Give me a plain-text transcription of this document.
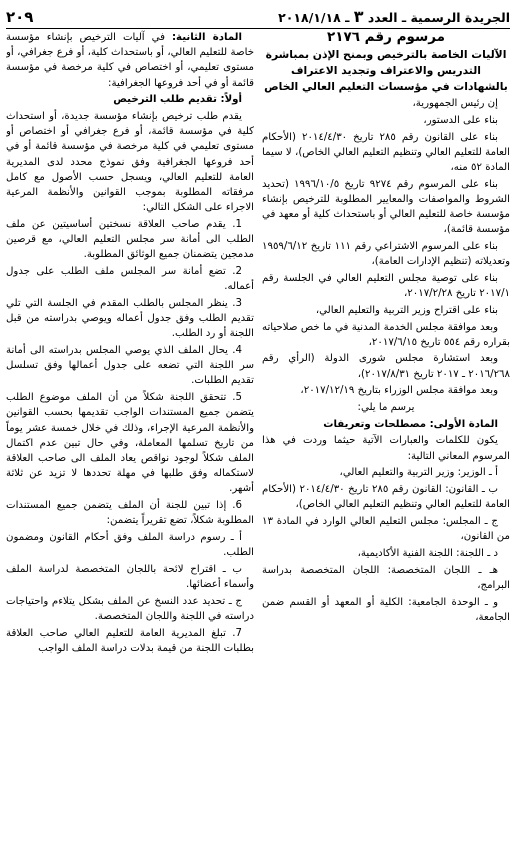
الجريدة الرسمية ـ العدد ٣ ـ ٢٠١٨/١/١٨
٢٠٩

مرسوم رقم ٢١٧٦

الآليات الخاصة بالترخيص وبمنح الإذن بمباشرة التدريس والاعتراف وتجديد الاعتراف بالشهادات في مؤسسات التعليم العالي الخاص

إن رئيس الجمهورية،

بناء على الدستور،

بناء على القانون رقم ٢٨٥ تاريخ ٢٠١٤/٤/٣٠ (الأحكام العامة للتعليم العالي وتنظيم التعليم العالي الخاص)، لا سيما المادة ٥٢ منه،

بناء على المرسوم رقم ٩٢٧٤ تاريخ ١٩٩٦/١٠/٥ (تحديد الشروط والمواصفات والمعايير المطلوبة للترخيص بإنشاء مؤسسة خاصة للتعليم العالي أو باستحداث كلية أو معهد في مؤسسة قائمة)،

بناء على المرسوم الاشتراعي رقم ١١١ تاريخ ١٩٥٩/٦/١٢ وتعديلاته (تنظيم الإدارات العامة)،

بناء على توصية مجلس التعليم العالي في الجلسة رقم ٢٠١٧/١ تاريخ ٢٠١٧/٢/٢٨،

بناء على اقتراح وزير التربية والتعليم العالي،

وبعد موافقة مجلس الخدمة المدنية في ما خص صلاحياته بقراره رقم ٥٥٤ تاريخ ٢٠١٧/٦/١٥،

وبعد استشارة مجلس شورى الدولة (الرأي رقم ٢٠١٦/٢٦٨ ـ ٢٠١٧ تاريخ ٢٠١٧/٨/٣١)،

وبعد موافقة مجلس الوزراء بتاريخ ٢٠١٧/١٢/١٩،

يرسم ما يلي:

المادة الأولى: مصطلحات وتعريفات

يكون للكلمات والعبارات الآتية حيثما وردت في هذا المرسوم المعاني التالية:

أ ـ الوزير: وزير التربية والتعليم العالي،

ب ـ القانون: القانون رقم ٢٨٥ تاريخ ٢٠١٤/٤/٣٠ (الأحكام العامة للتعليم العالي وتنظيم التعليم العالي الخاص)،

ج ـ المجلس: مجلس التعليم العالي الوارد في المادة ١٣ من القانون،

د ـ اللجنة: اللجنة الفنية الأكاديمية،

هـ ـ اللجان المتخصصة: اللجان المتخصصة بدراسة البرامج،

و ـ الوحدة الجامعية: الكلية أو المعهد أو القسم ضمن الجامعة،

المادة الثانية: في آليات الترخيص بإنشاء مؤسسة خاصة للتعليم العالي، أو باستحداث كلية، أو فرع جغرافي، أو مستوى تعليمي، أو اختصاص في كلية مرخصة في مؤسسة قائمة أو في أحد فروعها الجغرافية:

أولاً: تقديم طلب الترخيص

يقدم طلب ترخيص بإنشاء مؤسسة جديدة، أو استحداث كلية في مؤسسة قائمة، أو فرع جغرافي أو اختصاص أو مستوى تعليمي في كلية مرخصة في مؤسسة قائمة أو في أحد فروعها الجغرافية وفق نموذج محدد لدى المديرية العامة للتعليم العالي، ويسجل حسب الأصول مع كامل مرفقاته المطلوبة بموجب القوانين والأنظمة المرعية الاجراء على الشكل التالي:

1. يقدم صاحب العلاقة نسختين أساسيتين عن ملف الطلب الى أمانة سر مجلس التعليم العالي، مع قرصين مدمجين يتضمنان جميع الوثائق المطلوبة.

2. تضع أمانة سر المجلس ملف الطلب على جدول أعماله.

3. ينظر المجلس بالطلب المقدم في الجلسة التي تلي تقديم الطلب وفق جدول أعماله ويوصي بدراسته من قبل اللجنة أو رد الطلب.

4. يحال الملف الذي يوصي المجلس بدراسته الى أمانة سر اللجنة التي تضعه على جدول أعمالها وفق تسلسل تقديم الطلبات.

5. تتحقق اللجنة شكلاً من أن الملف موضوع الطلب يتضمن جميع المستندات الواجب تقديمها بحسب القوانين والأنظمة المرعية الإجراء، وذلك في خلال خمسة عشر يوماً من تاريخ تسلمها المعاملة، وفي حال تبين عدم اكتمال الملف شكلاً لوجود نواقص يعاد الملف الى صاحب العلاقة لاستكماله وفق طلبها في مهلة تحددها لا تزيد عن ثلاثة أشهر.

6. إذا تبين للجنة أن الملف يتضمن جميع المستندات المطلوبة شكلاً، تضع تقريراً يتضمن:

أ ـ رسوم دراسة الملف وفق أحكام القانون ومضمون الطلب.

ب ـ اقتراح لائحة باللجان المتخصصة لدراسة الملف وأسماء أعضائها.

ج ـ تحديد عدد النسخ عن الملف بشكل يتلاءم واحتياجات دراسته في اللجنة واللجان المتخصصة.

7. تبلغ المديرية العامة للتعليم العالي صاحب العلاقة بطلبات اللجنة من قيمة بدلات دراسة الملف الواجب
